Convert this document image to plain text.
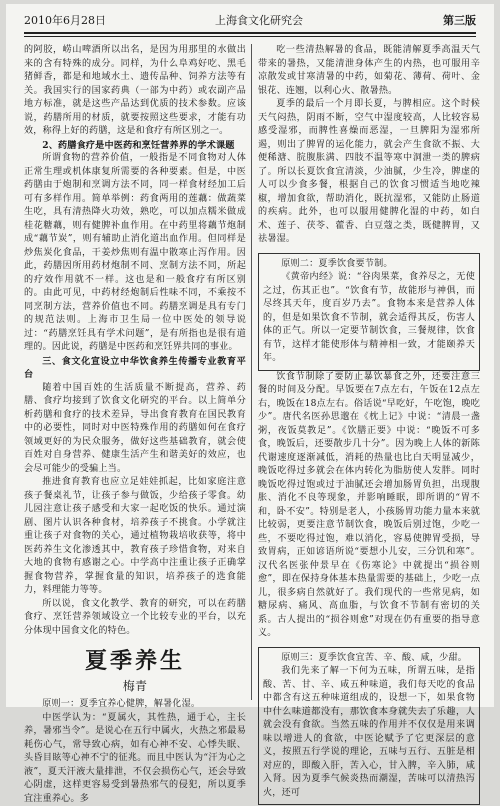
2010年6月28日	上海食文化研究会	第三版

的阿胶，崂山啤酒所以出名，是因为用那里的水做出来的含有特殊的成分。同样，为什么阜鸡好吃、黑毛猪鲜香，都是和地域水土、遗传品种、饲养方法等有关。我国实行的国家药典（一部为中药）或农副产品地方标准，就是这些产品达到优质的技术参数。应该说，药膳所用的材质，就要按照这些要求，才能有功效，称得上好的药膳，这是和食疗有所区别之一。

2、药膳食疗是中医药和烹饪营养界的学术课题

所谓食物的营养价值，一般指是不同食物对人体正常生理或机体康复所需要的各种要素。但是，中医药膳由于炮制和烹调方法不同，同一样食材经加工后可有多样作用。简单举例：药食两用的莲藕：做蔬菜生吃，具有清热降火功效，熟吃，可以加点糯米做成桂花糖藕，则有健脾补血作用。在中药里将藕节炮制成“藕节炭”，则有辅助止消化道出血作用。但同样是炒焦炭化食品，干姜炒焦则有温中散寒止泻作用。因此，药膳因所用药材炮制不同、烹制方法不同，所起的疗效作用就不一样。这也是和一般食疗有所区别的。由此可见，中药材经炮制后性味不同，不乘按不同烹制方法，营养价值也不同。药膳烹调是具有专门的规范法则。上海市卫生局一位中医处的领导说过：“药膳烹饪具有学术问题”，是有所指也是很有道理的。因此说，药膳是中医药和烹饪界共同的事业。

三、食文化宣设立中华饮食养生传播专业教育平台

随着中国百姓的生活质量不断提高，营养、药膳、食疗均接到了饮食文化研究的平台。以上简单分析药膳和食疗的技术差异，导出食育教育在国民教育中的必要性，同时对中医特殊作用的药膳如何在食疗领域更好的为民众服务，做好这些基础教育，就会使百姓对自身营养、健康生活产生和谐美好的效应，也会尽可能少的受骗上当。

推进食育教育也应立足娃娃抓起，比如家庭注意孩子餐桌礼节，让孩子参与做饭，少给孩子零食。幼儿园注意让孩子感受和大家一起吃饭的快乐。通过演剧、图片认识各种食材，培养孩子不挑食。小学就注重让孩子对食物的关心，通过植物栽培收获等，将中医药养生文化渗透其中，教育孩子珍惜食物，对来自大地的食物有感谢之心。中学高中注重让孩子正确掌握食物营养，掌握食量的知识，培养孩子的选食能力，料理能力等等。

所以说，食文化教学、教育的研究，可以在药膳食疗、烹饪营养领域设立一个比较专业的平台，以充分体现中国食文化的特色。

夏季养生

梅青

原则一：夏季宜养心健脾，解暑化湿。

中医学认为：“夏属火，其性热，通于心，主长养，暑邪当令”。是说心在五行中属火，火热之邪最易耗伤心气，常导致心病，如有心神不安、心悸失眠、头昏目眩等心神不宁的征兆。而且中医认为“汗为心之液”，夏天汗液大量排泄，不仅会损伤心气，还会导致心阴虚，这样更容易受到暑热邪气的侵犯，所以夏季宜注重养心。多

吃一些清热解暑的食品，既能清解夏季高温天气带来的暑热，又能清泄身体产生的内热，也可服用辛凉散发或甘寒清暑的中药，如菊花、薄荷、荷叶、金银花、连翘，以利心火、散暑热。

夏季的最后一个月即长夏，与脾相应。这个时候天气闷热，阴雨不断，空气中湿度较高，人比较容易感受湿邪，而脾性喜燥而恶湿，一旦脾阳为湿邪所遏，则出了脾胃的运化能力，就会产生食欲不振、大便稀溏、脘腹胀满、四肢不温等寒中洞泄一类的脾病了。所以长夏饮食宜清淡，少油腻，少生冷，脾虚的人可以少食多餐，根据自己的饮食习惯适当地吃辣椒，增加食欲，帮助消化，既抗湿邪，又能防止肠道的疾病。此外，也可以服用健脾化湿的中药，如白术、莲子、茯苓、藿香、白豆蔻之类，既健脾胃，又祛暑湿。

原则二：夏季饮食要节制。

《黄帝内经》说：“谷肉果菜，食养尽之，无使之过，伤其正也”。“饮食有节，故能形与神俱，而尽终其天年，度百岁乃去”。食物本来是营养人体的，但是如果饮食不节制，就会适得其反，伤害人体的正气。所以一定要节制饮食，三餐规律，饮食有节，这样才能使形体与精神相一致，才能颐养天年。

饮食节制除了要防止暴饮暴食之外，还要注意三餐的时间及分配。早饭要在7点左右，午饭在12点左右，晚饭在18点左右。俗话说“早吃好，午吃饱，晚吃少”。唐代名医孙思邈在《枕上记》中说：“清晨一盏粥，夜饭莫教足”。《饮膳正要》中说：“晚饭不可多食，晚饭后，还要散步几十分”。因为晚上人体的新陈代谢速度逐渐减低，消耗的热量也比白天明显减少，晚饭吃得过多就会在体内转化为脂肪使人发胖。同时晚饭吃得过饱或过于油腻还会增加肠胃负担，出现腹胀、消化不良等现象，并影响睡眠，即所谓的“胃不和，卧不安”。特别是老人，小孩肠胃功能力量本来就比较弱，更要注意节制饮食，晚饭后别过饱，少吃一些，不要吃得过饱，难以消化，容易使脾胃受损，导致胃病，正如谚语所说“要想小儿安，三分饥和寒”。汉代名医张仲景早在《伤寒论》中就提出“损谷则愈”，即在保持身体基本热量需要的基础上，少吃一点儿，很多病自然就好了。我们现代的一些常见病，如糖尿病、痛风、高血脂，与饮食不节制有密切的关系。古人提出的“损谷则愈”对现在仍有重要的指导意义。

原则三：夏季饮食宜苦、辛、酸、咸，少甜。

我们先来了解一下何为五味，所谓五味，是指酸、苦、甘、辛、咸五种味道，我们每天吃的食品中都含有这五种味道组成的，设想一下，如果食物中什么味道都没有，那饮食本身就失去了乐趣，人就会没有食欲。当然五味的作用并不仅仅是用来调味以增进人的食欲，中医论赋予了它更深层的意义，按照五行学说的理论，五味与五行、五脏是相对应的，即酸入肝，苦入心，甘入脾，辛入肺，咸入肾。因为夏季气候炎热而潮湿，苦味可以清热泻火，还可
